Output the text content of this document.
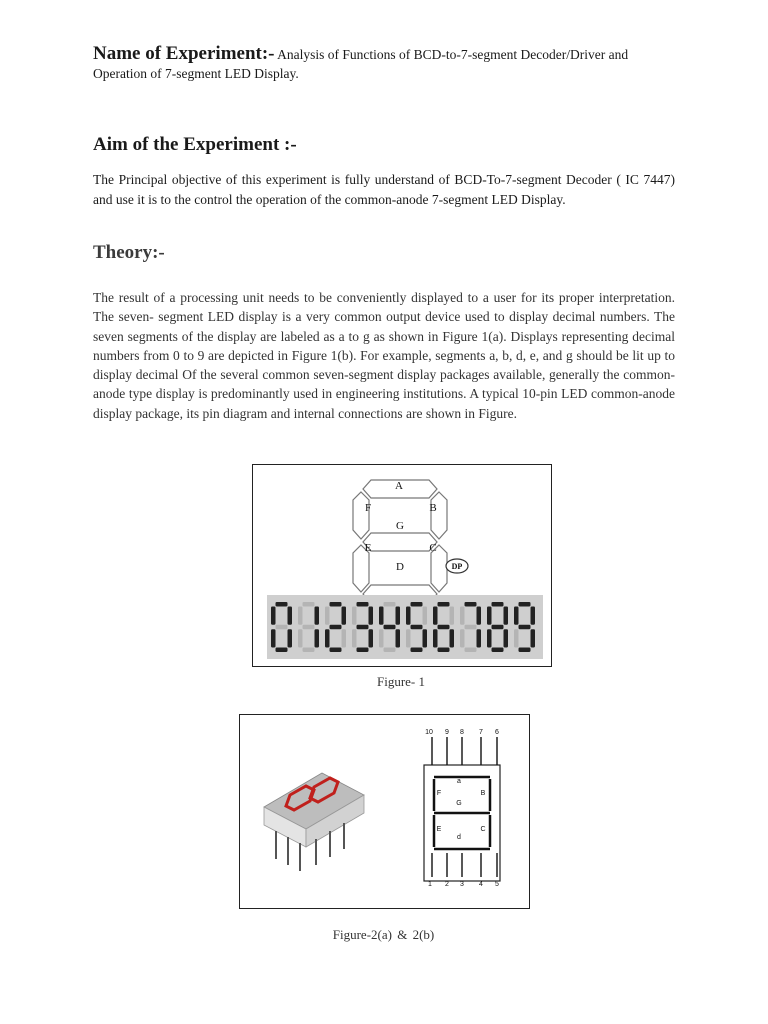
Name of Experiment:- Analysis of Functions of BCD-to-7-segment Decoder/Driver and Operation of 7-segment LED Display.
Aim of the Experiment :-
The Principal objective of this experiment is fully understand of BCD-To-7-segment Decoder ( IC 7447) and use it is to the control the operation of the common-anode 7-segment LED Display.
Theory:-
The result of a processing unit needs to be conveniently displayed to a user for its proper interpretation. The seven- segment LED display is a very common output device used to display decimal numbers. The seven segments of the display are labeled as a to g as shown in Figure 1(a). Displays representing decimal numbers from 0 to 9 are depicted in Figure 1(b). For example, segments a, b, d, e, and g should be lit up to display decimal Of the several common seven-segment display packages available, generally the common-anode type display is predominantly used in engineering institutions. A typical 10-pin LED common-anode display package, its pin diagram and internal connections are shown in Figure.
A
F	B
G
E	C
D	DP
Figure- 1
10 9 8 7 6
1 2 3 4 5
a
F	B
G
E	C
d
Figure-2(a) & 2(b)
